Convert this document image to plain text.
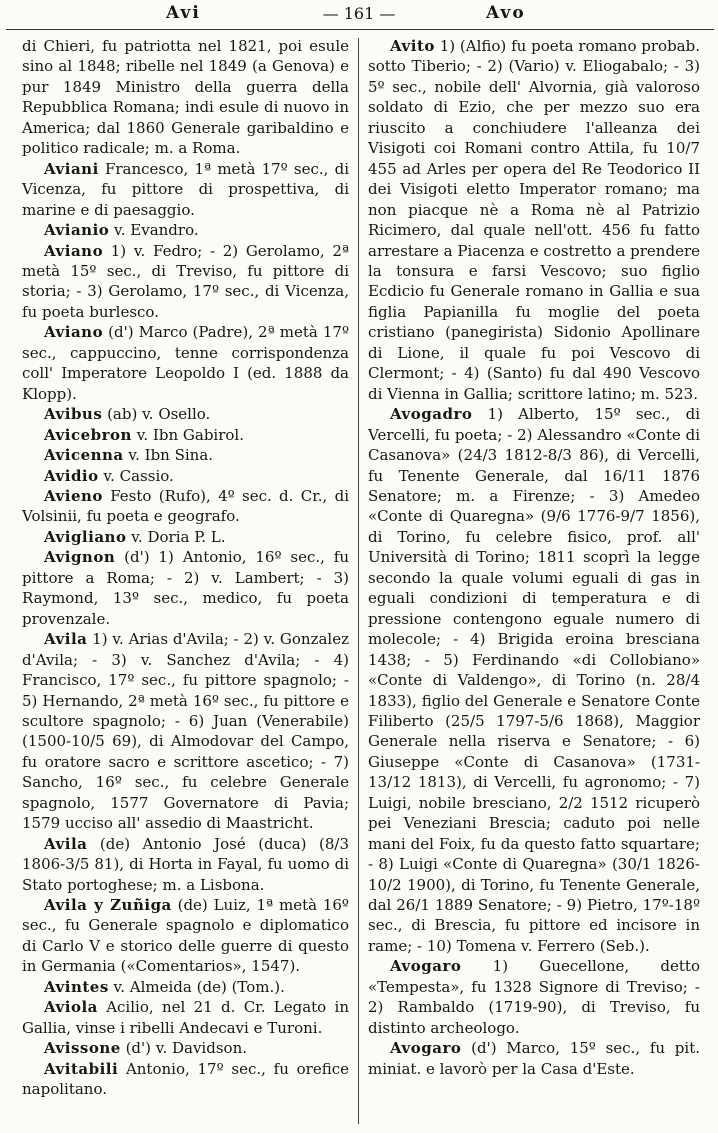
Avi	— 161 —	Avo

di Chieri, fu patriotta nel 1821, poi esule sino al 1848; ribelle nel 1849 (a Genova) e pur 1849 Ministro della guerra della Repubblica Romana; indi esule di nuovo in America; dal 1860 Generale garibaldino e politico radicale; m. a Roma.

Aviani Francesco, 1ª metà 17º sec., di Vicenza, fu pittore di prospettiva, di marine e di paesaggio.

Avianio v. Evandro.

Aviano 1) v. Fedro; - 2) Gerolamo, 2ª metà 15º sec., di Treviso, fu pittore di storia; - 3) Gerolamo, 17º sec., di Vicenza, fu poeta burlesco.

Aviano (d') Marco (Padre), 2ª metà 17º sec., cappuccino, tenne corrispondenza coll' Imperatore Leopoldo I (ed. 1888 da Klopp).

Avibus (ab) v. Osello.

Avicebron v. Ibn Gabirol.

Avicenna v. Ibn Sina.

Avidio v. Cassio.

Avieno Festo (Rufo), 4º sec. d. Cr., di Volsinii, fu poeta e geografo.

Avigliano v. Doria P. L.

Avignon (d') 1) Antonio, 16º sec., fu pittore a Roma; - 2) v. Lambert; - 3) Raymond, 13º sec., medico, fu poeta provenzale.

Avila 1) v. Arias d'Avila; - 2) v. Gonzalez d'Avila; - 3) v. Sanchez d'Avila; - 4) Francisco, 17º sec., fu pittore spagnolo; - 5) Hernando, 2ª metà 16º sec., fu pittore e scultore spagnolo; - 6) Juan (Venerabile) (1500-10/5 69), di Almodovar del Campo, fu oratore sacro e scrittore ascetico; - 7) Sancho, 16º sec., fu celebre Generale spagnolo, 1577 Governatore di Pavia; 1579 ucciso all' assedio di Maastricht.

Avila (de) Antonio José (duca) (8/3 1806-3/5 81), di Horta in Fayal, fu uomo di Stato portoghese; m. a Lisbona.

Avila y Zuñiga (de) Luiz, 1ª metà 16º sec., fu Generale spagnolo e diplomatico di Carlo V e storico delle guerre di questo in Germania («Comentarios», 1547).

Avintes v. Almeida (de) (Tom.).

Aviola Acilio, nel 21 d. Cr. Legato in Gallia, vinse i ribelli Andecavi e Turoni.

Avissone (d') v. Davidson.

Avitabili Antonio, 17º sec., fu orefice napolitano.

Avito 1) (Alfio) fu poeta romano probab. sotto Tiberio; - 2) (Vario) v. Eliogabalo; - 3) 5º sec., nobile dell' Alvornia, già valoroso soldato di Ezio, che per mezzo suo era riuscito a conchiudere l'alleanza dei Visigoti coi Romani contro Attila, fu 10/7 455 ad Arles per opera del Re Teodorico II dei Visigoti eletto Imperator romano; ma non piacque nè a Roma nè al Patrizio Ricimero, dal quale nell'ott. 456 fu fatto arrestare a Piacenza e costretto a prendere la tonsura e farsi Vescovo; suo figlio Ecdicio fu Generale romano in Gallia e sua figlia Papianilla fu moglie del poeta cristiano (panegirista) Sidonio Apollinare di Lione, il quale fu poi Vescovo di Clermont; - 4) (Santo) fu dal 490 Vescovo di Vienna in Gallia; scrittore latino; m. 523.

Avogadro 1) Alberto, 15º sec., di Vercelli, fu poeta; - 2) Alessandro «Conte di Casanova» (24/3 1812-8/3 86), di Vercelli, fu Tenente Generale, dal 16/11 1876 Senatore; m. a Firenze; - 3) Amedeo «Conte di Quaregna» (9/6 1776-9/7 1856), di Torino, fu celebre fisico, prof. all' Università di Torino; 1811 scoprì la legge secondo la quale volumi eguali di gas in eguali condizioni di temperatura e di pressione contengono eguale numero di molecole; - 4) Brigida eroina bresciana 1438; - 5) Ferdinando «di Collobiano» «Conte di Valdengo», di Torino (n. 28/4 1833), figlio del Generale e Senatore Conte Filiberto (25/5 1797-5/6 1868), Maggior Generale nella riserva e Senatore; - 6) Giuseppe «Conte di Casanova» (1731-13/12 1813), di Vercelli, fu agronomo; - 7) Luigi, nobile bresciano, 2/2 1512 ricuperò pei Veneziani Brescia; caduto poi nelle mani del Foix, fu da questo fatto squartare; - 8) Luigi «Conte di Quaregna» (30/1 1826-10/2 1900), di Torino, fu Tenente Generale, dal 26/1 1889 Senatore; - 9) Pietro, 17º-18º sec., di Brescia, fu pittore ed incisore in rame; - 10) Tomena v. Ferrero (Seb.).

Avogaro 1) Guecellone, detto «Tempesta», fu 1328 Signore di Treviso; - 2) Rambaldo (1719-90), di Treviso, fu distinto archeologo.

Avogaro (d') Marco, 15º sec., fu pit. miniat. e lavorò per la Casa d'Este.
